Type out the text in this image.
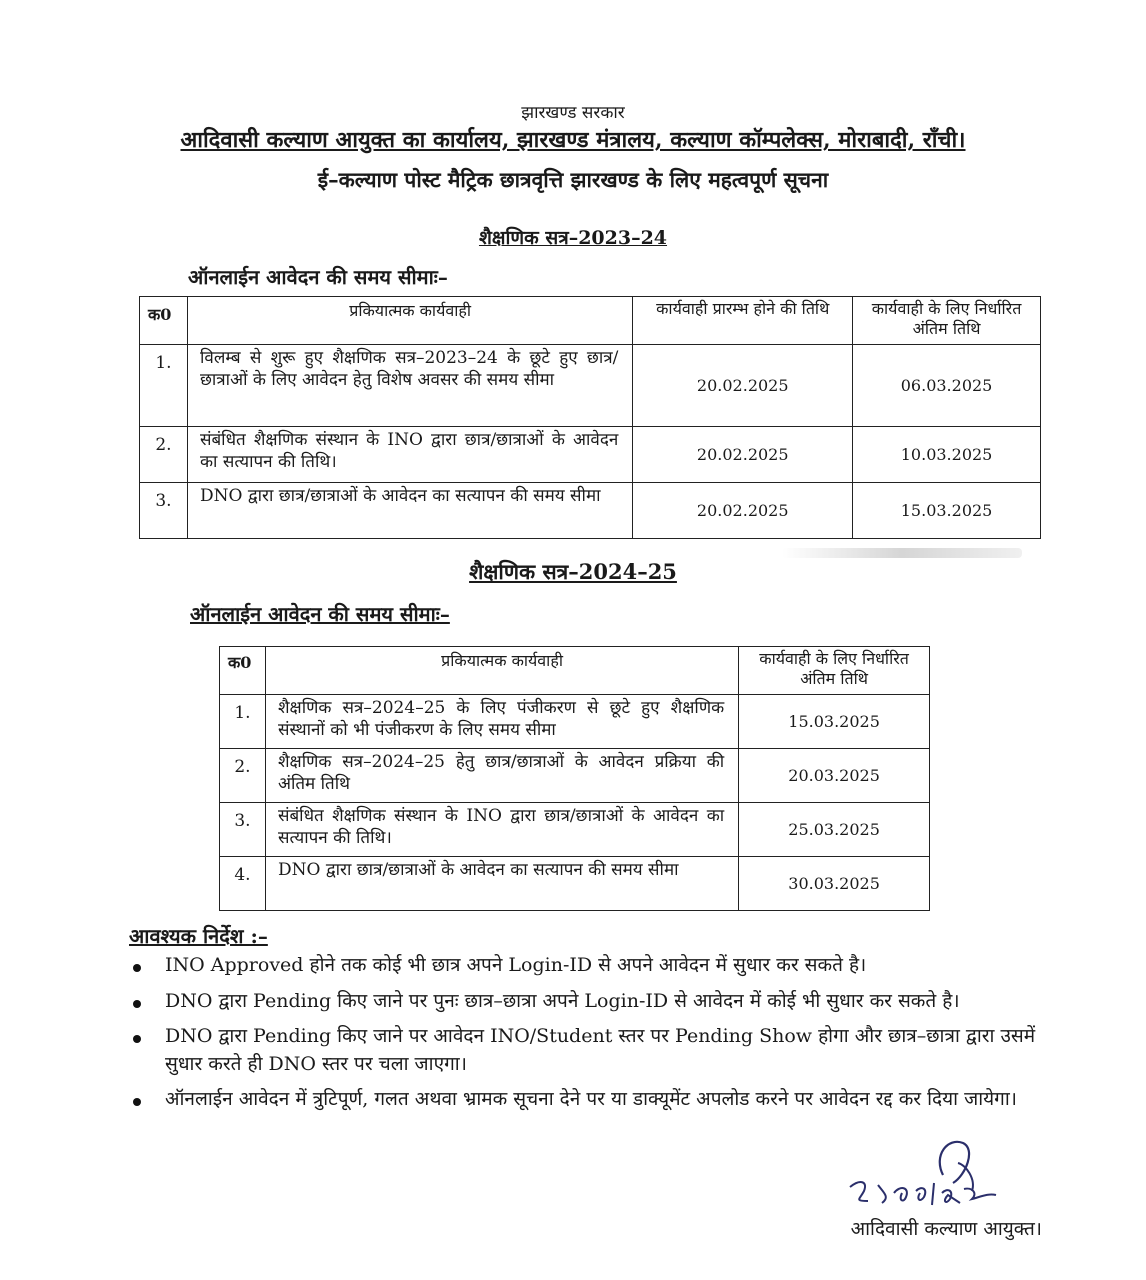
झारखण्ड सरकार
आदिवासी कल्याण आयुक्त का कार्यालय, झारखण्ड मंत्रालय, कल्याण कॉम्पलेक्स, मोराबादी, राँची।
ई–कल्याण पोस्ट मैट्रिक छात्रवृत्ति झारखण्ड के लिए महत्वपूर्ण सूचना
शैक्षणिक सत्र–2023–24
ऑनलाईन आवेदन की समय सीमाः–
क0	प्रकियात्मक कार्यवाही	कार्यवाही प्रारम्भ होने की तिथि	कार्यवाही के लिए निर्धारित अंतिम तिथि
1.	विलम्ब से शुरू हुए शैक्षणिक सत्र–2023–24 के छूटे हुए छात्र/छात्राओं के लिए आवेदन हेतु विशेष अवसर की समय सीमा	20.02.2025	06.03.2025
2.	संबंधित शैक्षणिक संस्थान के INO द्वारा छात्र/छात्राओं के आवेदन का सत्यापन की तिथि।	20.02.2025	10.03.2025
3.	DNO द्वारा छात्र/छात्राओं के आवेदन का सत्यापन की समय सीमा	20.02.2025	15.03.2025
शैक्षणिक सत्र–2024–25
ऑनलाईन आवेदन की समय सीमाः–
क0	प्रकियात्मक कार्यवाही	कार्यवाही के लिए निर्धारित अंतिम तिथि
1.	शैक्षणिक सत्र–2024–25 के लिए पंजीकरण से छूटे हुए शैक्षणिक संस्थानों को भी पंजीकरण के लिए समय सीमा	15.03.2025
2.	शैक्षणिक सत्र–2024–25 हेतु छात्र/छात्राओं के आवेदन प्रक्रिया की अंतिम तिथि	20.03.2025
3.	संबंधित शैक्षणिक संस्थान के INO द्वारा छात्र/छात्राओं के आवेदन का सत्यापन की तिथि।	25.03.2025
4.	DNO द्वारा छात्र/छात्राओं के आवेदन का सत्यापन की समय सीमा	30.03.2025
आवश्यक निर्देश :–
INO Approved होने तक कोई भी छात्र अपने Login-ID से अपने आवेदन में सुधार कर सकते है।
DNO द्वारा Pending किए जाने पर पुनः छात्र–छात्रा अपने Login-ID से आवेदन में कोई भी सुधार कर सकते है।
DNO द्वारा Pending किए जाने पर आवेदन INO/Student स्तर पर Pending Show होगा और छात्र–छात्रा द्वारा उसमें सुधार करते ही DNO स्तर पर चला जाएगा।
ऑनलाईन आवेदन में त्रुटिपूर्ण, गलत अथवा भ्रामक सूचना देने पर या डाक्यूमेंट अपलोड करने पर आवेदन रद्द कर दिया जायेगा।
आदिवासी कल्याण आयुक्त।
